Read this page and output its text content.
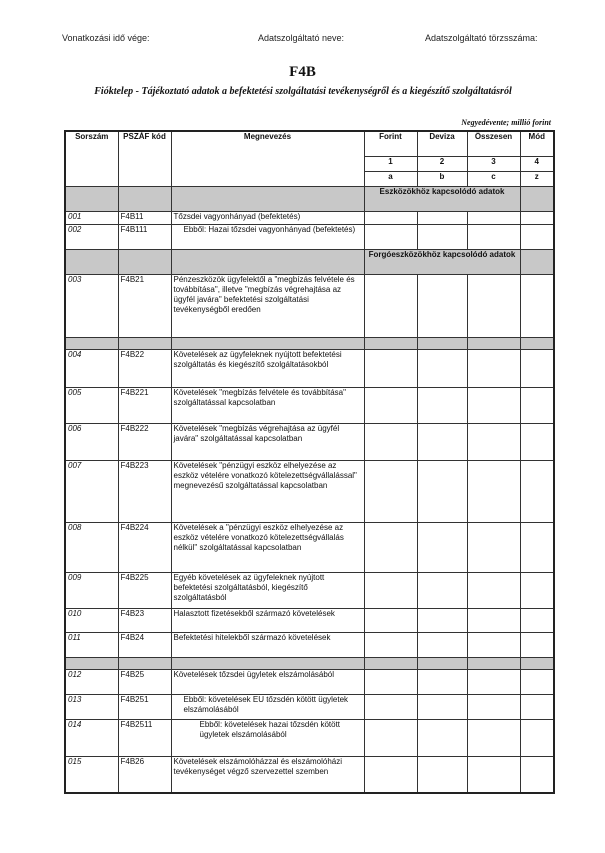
Vonatkozási idő vége:	Adatszolgáltató neve:	Adatszolgáltató törzsszáma:
F4B
Fióktelep - Tájékoztató adatok a befektetési szolgáltatási tevékenységről és a kiegészítő szolgáltatásról
Negyedévente; millió forint
Sorszám	PSZÁF kód	Megnevezés	Forint	Deviza	Összesen	Mód
			1	2	3	4
			a	b	c	z
			Eszközökhöz kapcsolódó adatok			
001	F4B11	Tőzsdei vagyonhányad (befektetés)				
002	F4B111	Ebből: Hazai tőzsdei vagyonhányad (befektetés)				
			Forgóeszközökhöz kapcsolódó adatok			
003	F4B21	Pénzeszközök ügyfelektől a "megbízás felvétele és továbbítása", illetve "megbízás végrehajtása az ügyfél javára" befektetési szolgáltatási tevékenységből eredően				

004	F4B22	Követelések az ügyfeleknek nyújtott befektetési szolgáltatás és kiegészítő szolgáltatásokból				
005	F4B221	Követelések "megbízás felvétele és továbbítása" szolgáltatással kapcsolatban				
006	F4B222	Követelések "megbízás végrehajtása az ügyfél javára" szolgáltatással kapcsolatban				
007	F4B223	Követelések "pénzügyi eszköz elhelyezése az eszköz vételére vonatkozó kötelezettségvállalással" megnevezésű szolgáltatással kapcsolatban				
008	F4B224	Követelések a "pénzügyi eszköz elhelyezése az eszköz vételére vonatkozó kötelezettségvállalás nélkül" szolgáltatással kapcsolatban				
009	F4B225	Egyéb követelések az ügyfeleknek nyújtott befektetési szolgáltatásból, kiegészítő szolgáltatásból				
010	F4B23	Halasztott fizetésekből származó követelések				
011	F4B24	Befektetési hitelekből származó követelések				

012	F4B25	Követelések tőzsdei ügyletek elszámolásából				
013	F4B251	Ebből: követelések EU tőzsdén kötött ügyletek elszámolásából				
014	F4B2511	Ebből: követelések hazai tőzsdén kötött ügyletek elszámolásából				
015	F4B26	Követelések elszámolóházzal és elszámolóházi tevékenységet végző szervezettel szemben				
